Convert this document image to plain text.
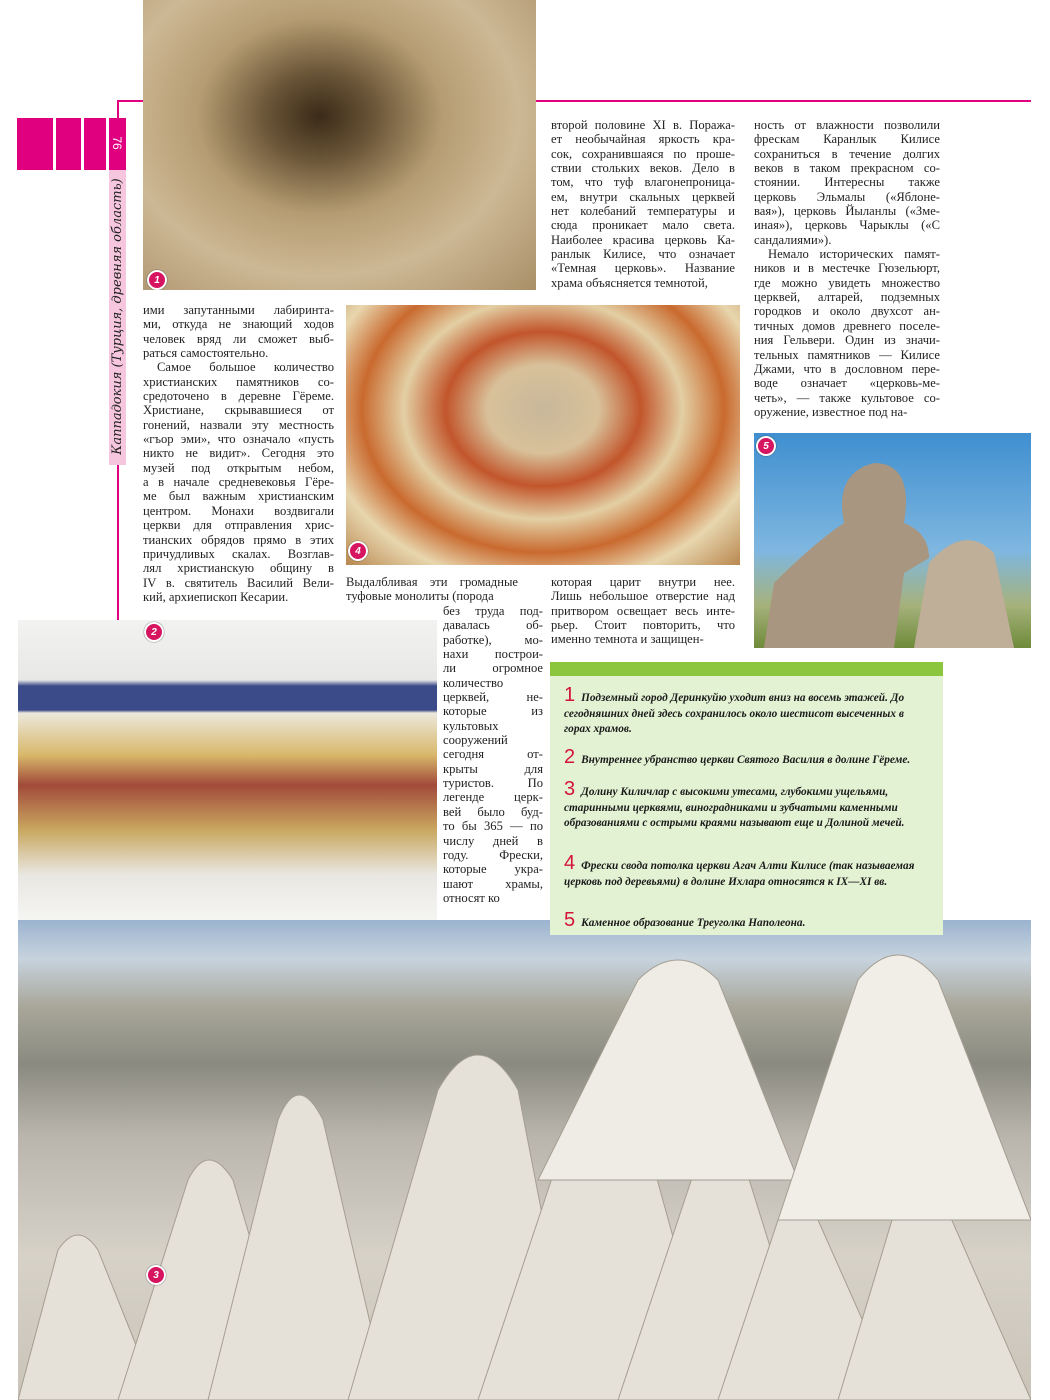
3
1
4
5
2
76
Каппадокия (Турция, древняя область) ими запутанными лабиринта-
ми, откуда не знающий ходов
человек вряд ли сможет выб-
раться самостоятельно.
Самое большое количество
христианских памятников со-
средоточено в деревне Гёреме.
Христиане, скрывавшиеся от
гонений, назвали эту местность
«гъор эми», что означало «пусть
никто не видит». Сегодня это
музей под открытым небом,
а в начале средневековья Гёре-
ме был важным христианским
центром. Монахи воздвигали
церкви для отправления хрис-
тианских обрядов прямо в этих
причудливых скалах. Возглав-
лял христианскую общину в
IV в. святитель Василий Вели-
кий, архиепископ Кесарии.
Выдалбливая эти громадные
туфовые монолиты (порода
без труда под-
давалась об-
работке), мо-
нахи построи-
ли огромное
количество
церквей, не-
которые из
культовых
сооружений
сегодня от-
крыты для
туристов. По
легенде церк-
вей было буд-
то бы 365 — по
числу дней в
году. Фрески,
которые укра-
шают храмы,
относят ко
второй половине XI в. Поража-
ет необычайная яркость кра-
сок, сохранившаяся по проше-
ствии стольких веков. Дело в
том, что туф влагонепроница-
ем, внутри скальных церквей
нет колебаний температуры и
сюда проникает мало света.
Наиболее красива церковь Ка-
ранлык Килисе, что означает
«Темная церковь». Название
храма объясняется темнотой,
которая царит внутри нее.
Лишь небольшое отверстие над
притвором освещает весь инте-
рьер. Стоит повторить, что
именно темнота и защищен-
ность от влажности позволили
фрескам Каранлык Килисе
сохраниться в течение долгих
веков в таком прекрасном со-
стоянии. Интересны также
церковь Эльмалы («Яблоне-
вая»), церковь Йыланлы («Зме-
иная»), церковь Чарыклы («С
сандалиями»).
Немало исторических памят-
ников и в местечке Гюзельюрт,
где можно увидеть множество
церквей, алтарей, подземных
городков и около двухсот ан-
тичных домов древнего поселе-
ния Гельвери. Один из значи-
тельных памятников — Килисе
Джами, что в дословном пере-
воде означает «церковь-ме-
четь», — также культовое со-
оружение, известное под на-
1 Подземный город Деринкуйю уходит вниз на восемь этажей. До сегодняшних дней здесь сохранилось около шестисот высеченных в горах храмов.
2 Внутреннее убранство церкви Святого Василия в долине Гёреме.
3 Долину Киличлар с высокими утесами, глубокими ущельями, старинными церквями, виноградниками и зубчатыми каменными образованиями с острыми краями называют еще и Долиной мечей.
4 Фрески свода потолка церкви Агач Алти Килисе (так называемая церковь под деревьями) в долине Ихлара относятся к IX—XI вв.
5 Каменное образование Треуголка Наполеона.
